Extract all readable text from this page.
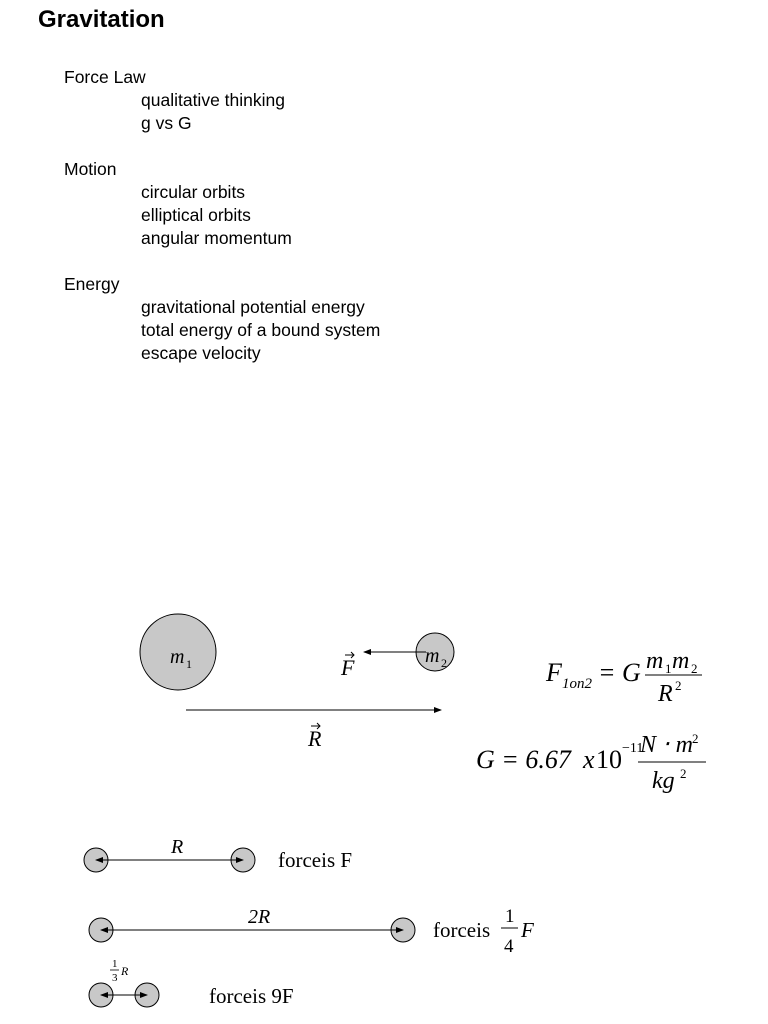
Gravitation
Force Law
qualitative thinking
g vs G
Motion
circular orbits
elliptical orbits
angular momentum
Energy
gravitational potential energy
total energy of a bound system
escape velocity
m 1	m 2
F
R
F 1on2 = G m 1 m 2
R 2
G = 6.67 x 10 −11
N ⋅ m 2
kg 2
R
forceis F
2R
forceis
1
4
F
1
3 R
forceis 9F
